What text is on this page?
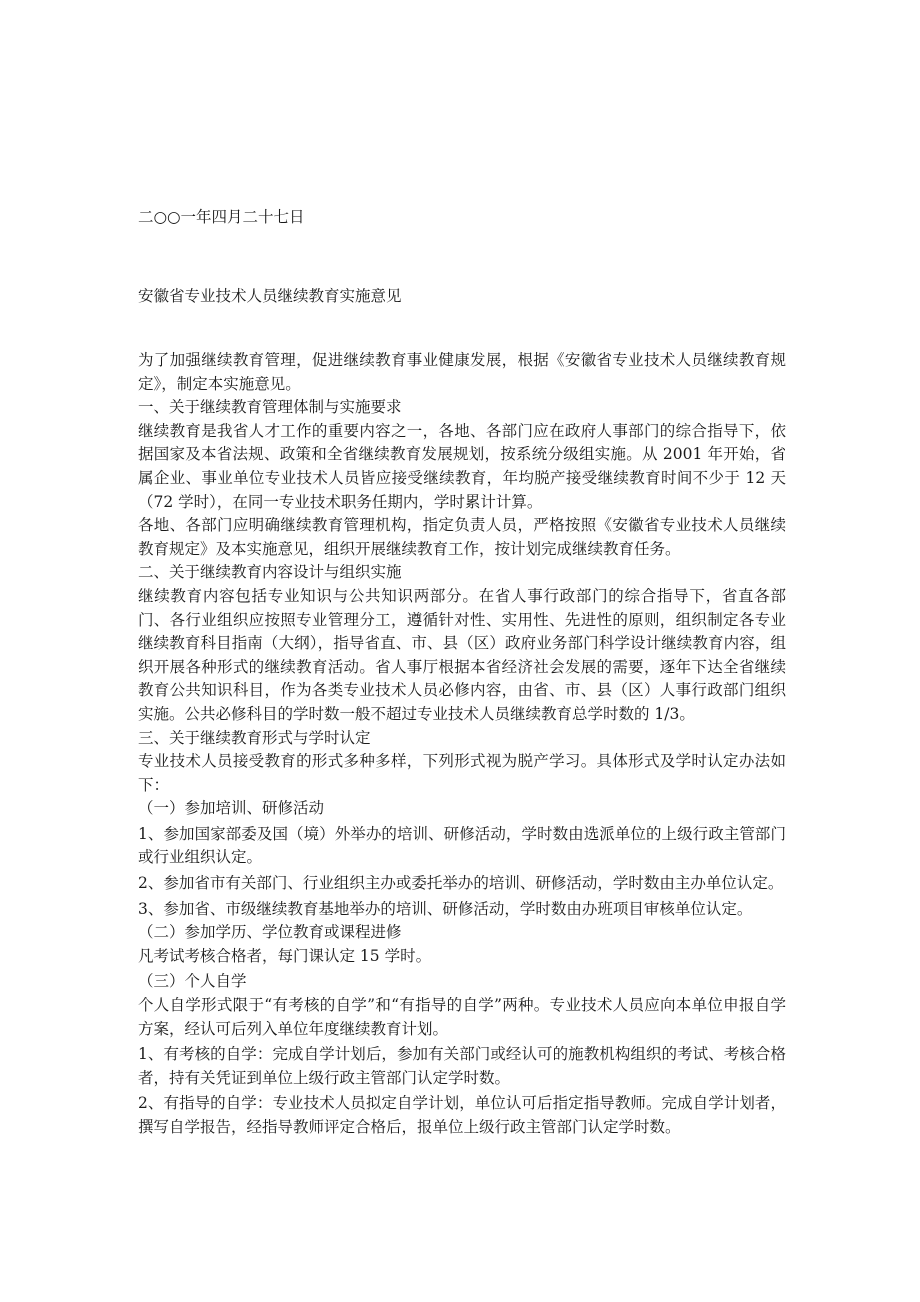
二○○一年四月二十七日
安徽省专业技术人员继续教育实施意见

为了加强继续教育管理，促进继续教育事业健康发展，根据《安徽省专业技术人员继续教育规定》，制定本实施意见。

一、关于继续教育管理体制与实施要求

继续教育是我省人才工作的重要内容之一，各地、各部门应在政府人事部门的综合指导下，依据国家及本省法规、政策和全省继续教育发展规划，按系统分级组实施。从 2001 年开始，省属企业、事业单位专业技术人员皆应接受继续教育，年均脱产接受继续教育时间不少于 12 天（72 学时），在同一专业技术职务任期内，学时累计计算。

各地、各部门应明确继续教育管理机构，指定负责人员，严格按照《安徽省专业技术人员继续教育规定》及本实施意见，组织开展继续教育工作，按计划完成继续教育任务。

二、关于继续教育内容设计与组织实施

继续教育内容包括专业知识与公共知识两部分。在省人事行政部门的综合指导下，省直各部门、各行业组织应按照专业管理分工，遵循针对性、实用性、先进性的原则，组织制定各专业继续教育科目指南（大纲），指导省直、市、县（区）政府业务部门科学设计继续教育内容，组织开展各种形式的继续教育活动。省人事厅根据本省经济社会发展的需要，逐年下达全省继续教育公共知识科目，作为各类专业技术人员必修内容，由省、市、县（区）人事行政部门组织实施。公共必修科目的学时数一般不超过专业技术人员继续教育总学时数的 1/3。

三、关于继续教育形式与学时认定

专业技术人员接受教育的形式多种多样，下列形式视为脱产学习。具体形式及学时认定办法如下：

（一）参加培训、研修活动

1、参加国家部委及国（境）外举办的培训、研修活动，学时数由选派单位的上级行政主管部门或行业组织认定。

2、参加省市有关部门、行业组织主办或委托举办的培训、研修活动，学时数由主办单位认定。

3、参加省、市级继续教育基地举办的培训、研修活动，学时数由办班项目审核单位认定。

（二）参加学历、学位教育或课程进修

凡考试考核合格者，每门课认定 15 学时。

（三）个人自学

个人自学形式限于“有考核的自学”和“有指导的自学”两种。专业技术人员应向本单位申报自学方案，经认可后列入单位年度继续教育计划。

1、有考核的自学：完成自学计划后，参加有关部门或经认可的施教机构组织的考试、考核合格者，持有关凭证到单位上级行政主管部门认定学时数。

2、有指导的自学：专业技术人员拟定自学计划，单位认可后指定指导教师。完成自学计划者，撰写自学报告，经指导教师评定合格后，报单位上级行政主管部门认定学时数。
